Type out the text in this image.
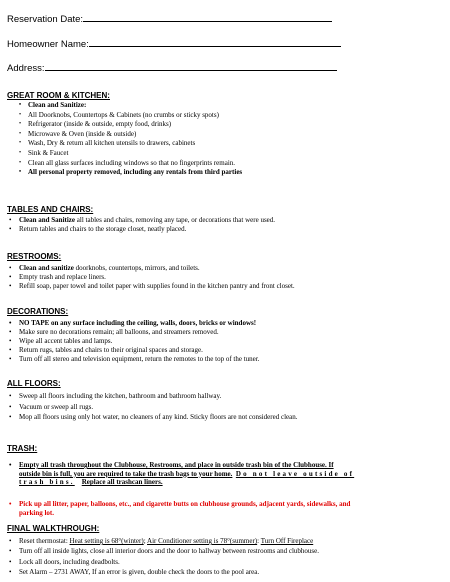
Reservation Date:
Homeowner Name:
Address:
GREAT ROOM & KITCHEN:
• Clean and Sanitize:
• All Doorknobs, Countertops & Cabinets (no crumbs or sticky spots)
• Refrigerator (inside & outside, empty food, drinks)
• Microwave & Oven (inside & outside)
• Wash, Dry & return all kitchen utensils to drawers, cabinets
• Sink & Faucet
• Clean all glass surfaces including windows so that no fingerprints remain.
• All personal property removed, including any rentals from third parties
TABLES AND CHAIRS:
• Clean and Sanitize all tables and chairs, removing any tape, or decorations that were used.
• Return tables and chairs to the storage closet, neatly placed.
RESTROOMS:
• Clean and sanitize doorknobs, countertops, mirrors, and toilets.
• Empty trash and replace liners.
• Refill soap, paper towel and toilet paper with supplies found in the kitchen pantry and front closet.
DECORATIONS:
• NO TAPE on any surface including the ceiling, walls, doors, bricks or windows!
• Make sure no decorations remain; all balloons, and streamers removed.
• Wipe all accent tables and lamps.
• Return rugs, tables and chairs to their original spaces and storage.
• Turn off all stereo and television equipment, return the remotes to the top of the tuner.
ALL FLOORS:
• Sweep all floors including the kitchen, bathroom and bathroom hallway.
• Vacuum or sweep all rugs.
• Mop all floors using only hot water, no cleaners of any kind. Sticky floors are not considered clean.
TRASH:
• Empty all trash throughout the Clubhouse, Restrooms, and place in outside trash bin of the Clubhouse. If
outside bin is full, you are required to take the trash bags to your home. Do not leave outside of
trash bins. Replace all trashcan liners.
• Pick up all litter, paper, balloons, etc., and cigarette butts on clubhouse grounds, adjacent yards, sidewalks, and
parking lot.
FINAL WALKTHROUGH:
• Reset thermostat: Heat setting is 68°(winter); Air Conditioner setting is 78°(summer): Turn Off Fireplace
• Turn off all inside lights, close all interior doors and the door to hallway between restrooms and clubhouse.
• Lock all doors, including deadbolts.
• Set Alarm – 2731 AWAY, If an error is given, double check the doors to the pool area.
